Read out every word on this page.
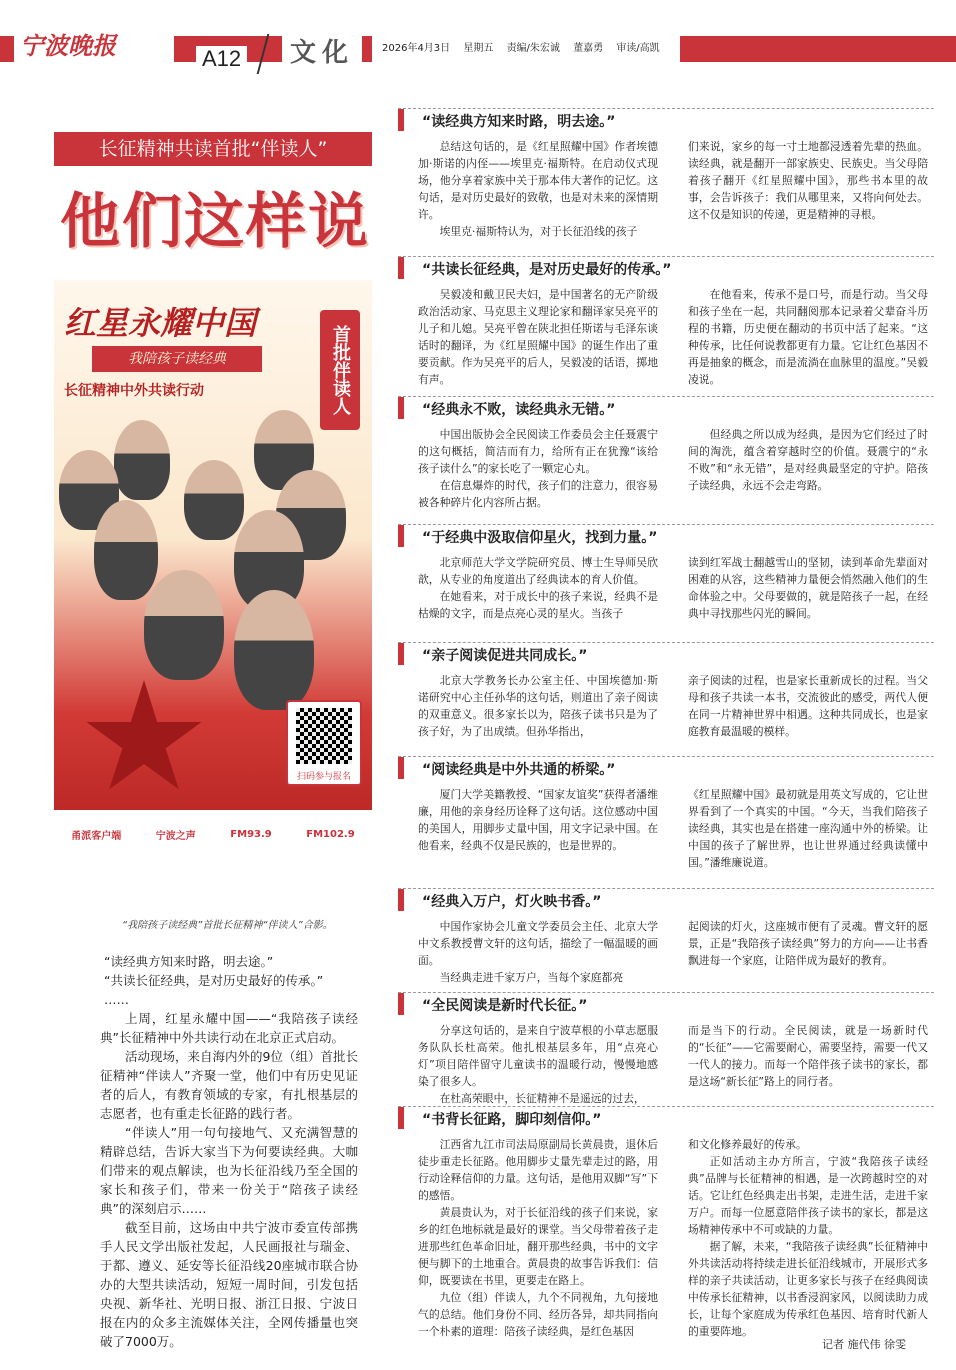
宁波晚报	A12	文化	2026年4月3日 星期五 责编/朱宏诚 董嘉勇 审读/高凯
长征精神共读首批“伴读人”
他们这样说
红星永耀中国
我陪孩子读经典
长征精神中外共读行动	首批伴读人
扫码参与报名
甬派客户端	宁波之声	FM93.9	FM102.9
“我陪孩子读经典”首批长征精神“伴读人”合影。

“读经典方知来时路，明去途。”

“共读长征经典，是对历史最好的传承。”

……

上周，红星永耀中国——“我陪孩子读经典”长征精神中外共读行动在北京正式启动。

活动现场，来自海内外的9位（组）首批长征精神“伴读人”齐聚一堂，他们中有历史见证者的后人，有教育领域的专家，有扎根基层的志愿者，也有重走长征路的践行者。

“伴读人”用一句句接地气、又充满智慧的精辟总结，告诉大家当下为何要读经典。大咖们带来的观点解读，也为长征沿线乃至全国的家长和孩子们，带来一份关于“陪孩子读经典”的深刻启示……

截至目前，这场由中共宁波市委宣传部携手人民文学出版社发起，人民画报社与瑞金、于都、遵义、延安等长征沿线20座城市联合协办的大型共读活动，短短一周时间，引发包括央视、新华社、光明日报、浙江日报、宁波日报在内的众多主流媒体关注，全网传播量也突破了7000万。

“读经典方知来时路，明去途。”

总结这句话的，是《红星照耀中国》作者埃德加·斯诺的内侄——埃里克·福斯特。在启动仪式现场，他分享着家族中关于那本伟大著作的记忆。这句话，是对历史最好的致敬，也是对未来的深情期许。

埃里克·福斯特认为，对于长征沿线的孩子

们来说，家乡的每一寸土地都浸透着先辈的热血。读经典，就是翻开一部家族史、民族史。当父母陪着孩子翻开《红星照耀中国》，那些书本里的故事，会告诉孩子：我们从哪里来，又将向何处去。这不仅是知识的传递，更是精神的寻根。

“共读长征经典，是对历史最好的传承。”

吴毅凌和戴卫民夫妇，是中国著名的无产阶级政治活动家、马克思主义理论家和翻译家吴亮平的儿子和儿媳。吴亮平曾在陕北担任斯诺与毛泽东谈话时的翻译，为《红星照耀中国》的诞生作出了重要贡献。作为吴亮平的后人，吴毅凌的话语，掷地有声。

在他看来，传承不是口号，而是行动。当父母和孩子坐在一起，共同翻阅那本记录着父辈奋斗历程的书籍，历史便在翻动的书页中活了起来。“这种传承，比任何说教都更有力量。它让红色基因不再是抽象的概念，而是流淌在血脉里的温度。”吴毅凌说。

“经典永不败，读经典永无错。”

中国出版协会全民阅读工作委员会主任聂震宁的这句概括，简洁而有力，给所有正在犹豫“该给孩子读什么”的家长吃了一颗定心丸。

在信息爆炸的时代，孩子们的注意力，很容易被各种碎片化内容所占据。

但经典之所以成为经典，是因为它们经过了时间的淘洗，蕴含着穿越时空的价值。聂震宁的“永不败”和“永无错”，是对经典最坚定的守护。陪孩子读经典，永远不会走弯路。

“于经典中汲取信仰星火，找到力量。”

北京师范大学文学院研究员、博士生导师吴欣歆，从专业的角度道出了经典读本的育人价值。

在她看来，对于成长中的孩子来说，经典不是枯燥的文字，而是点亮心灵的星火。当孩子

读到红军战士翻越雪山的坚韧，读到革命先辈面对困难的从容，这些精神力量便会悄然融入他们的生命体验之中。父母要做的，就是陪孩子一起，在经典中寻找那些闪光的瞬间。

“亲子阅读促进共同成长。”

北京大学教务长办公室主任、中国埃德加·斯诺研究中心主任孙华的这句话，则道出了亲子阅读的双重意义。很多家长以为，陪孩子读书只是为了孩子好，为了出成绩。但孙华指出，

亲子阅读的过程，也是家长重新成长的过程。当父母和孩子共读一本书，交流彼此的感受，两代人便在同一片精神世界中相遇。这种共同成长，也是家庭教育最温暖的模样。

“阅读经典是中外共通的桥梁。”

厦门大学美籍教授、“国家友谊奖”获得者潘维廉，用他的亲身经历诠释了这句话。这位感动中国的美国人，用脚步丈量中国，用文字记录中国。在他看来，经典不仅是民族的，也是世界的。

《红星照耀中国》最初就是用英文写成的，它让世界看到了一个真实的中国。“今天，当我们陪孩子读经典，其实也是在搭建一座沟通中外的桥梁。让中国的孩子了解世界，也让世界通过经典读懂中国。”潘维廉说道。

“经典入万户，灯火映书香。”

中国作家协会儿童文学委员会主任、北京大学中文系教授曹文轩的这句话，描绘了一幅温暖的画面。

当经典走进千家万户，当每个家庭都亮

起阅读的灯火，这座城市便有了灵魂。曹文轩的愿景，正是“我陪孩子读经典”努力的方向——让书香飘进每一个家庭，让陪伴成为最好的教育。

“全民阅读是新时代长征。”

分享这句话的，是来自宁波草根的小草志愿服务队队长杜高荣。他扎根基层多年，用“点亮心灯”项目陪伴留守儿童读书的温暖行动，慢慢地感染了很多人。

在杜高荣眼中，长征精神不是遥远的过去，

而是当下的行动。全民阅读，就是一场新时代的“长征”——它需要耐心，需要坚持，需要一代又一代人的接力。而每一个陪伴孩子读书的家长，都是这场“新长征”路上的同行者。

“书背长征路，脚印刻信仰。”

江西省九江市司法局原副局长黄晨贵，退休后徒步重走长征路。他用脚步丈量先辈走过的路，用行动诠释信仰的力量。这句话，是他用双脚“写”下的感悟。

黄晨贵认为，对于长征沿线的孩子们来说，家乡的红色地标就是最好的课堂。当父母带着孩子走进那些红色革命旧址，翻开那些经典，书中的文字便与脚下的土地重合。黄晨贵的故事告诉我们：信仰，既要读在书里，更要走在路上。

九位（组）伴读人，九个不同视角，九句接地气的总结。他们身份不同、经历各异，却共同指向一个朴素的道理：陪孩子读经典，是红色基因

和文化修养最好的传承。

正如活动主办方所言，宁波“我陪孩子读经典”品牌与长征精神的相遇，是一次跨越时空的对话。它让红色经典走出书架，走进生活，走进千家万户。而每一位愿意陪伴孩子读书的家长，都是这场精神传承中不可或缺的力量。

据了解，未来，“我陪孩子读经典”长征精神中外共读活动将持续走进长征沿线城市，开展形式多样的亲子共读活动，让更多家长与孩子在经典阅读中传承长征精神，以书香浸润家风，以阅读助力成长，让每个家庭成为传承红色基因、培育时代新人的重要阵地。

记者 施代伟 徐雯
